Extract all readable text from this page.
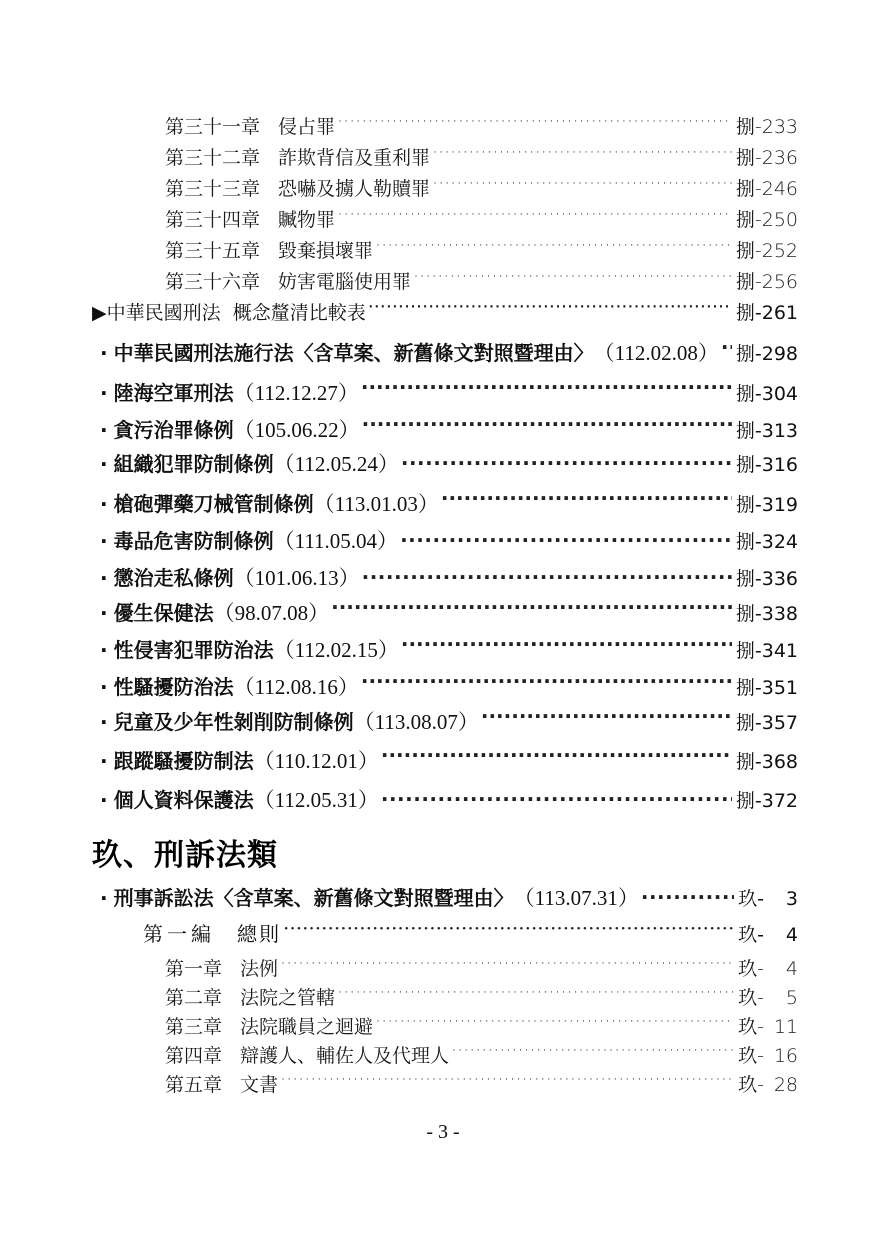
第三十一章 侵占罪 ·····	捌-233
第三十二章 詐欺背信及重利罪 ·····	捌-236
第三十三章 恐嚇及擄人勒贖罪 ·····	捌-246
第三十四章 贓物罪 ·····	捌-250
第三十五章 毀棄損壞罪 ·····	捌-252
第三十六章 妨害電腦使用罪 ·····	捌-256
▶ 中華民國刑法  概念釐清比較表 ·····	捌-261
· 中華民國刑法施行法〈含草案、新舊條文對照暨理由〉 （112.02.08） ····· 捌-298
· 陸海空軍刑法 （112.12.27） ·····	捌-304
· 貪污治罪條例 （105.06.22） ·····	捌-313
· 組織犯罪防制條例 （112.05.24） .....	捌-316
· 槍砲彈藥刀械管制條例 （113.01.03） ·····	捌-319
· 毒品危害防制條例 （111.05.04） .....	捌-324
· 懲治走私條例 （101.06.13） .....	捌-336
· 優生保健法 （98.07.08） ·····	捌-338
· 性侵害犯罪防治法 （112.02.15） ·····	捌-341
· 性騷擾防治法 （112.08.16） ·····	捌-351
· 兒童及少年性剝削防制條例 （113.08.07） ·····	捌-357
· 跟蹤騷擾防制法 （110.12.01） ·····	捌-368
· 個人資料保護法 （112.05.31） .....	捌-372
玖、刑訴法類
· 刑事訴訟法〈含草案、新舊條文對照暨理由〉 （113.07.31） .....	玖- 3
第一編 總則 ·····	玖- 4
第一章 法例 ·····	玖- 4
第二章 法院之管轄 ·····	玖- 5
第三章 法院職員之迴避 ·····	玖- 11
第四章 辯護人、輔佐人及代理人 ·····	玖- 16
第五章 文書 ·····	玖- 28
- 3 -
